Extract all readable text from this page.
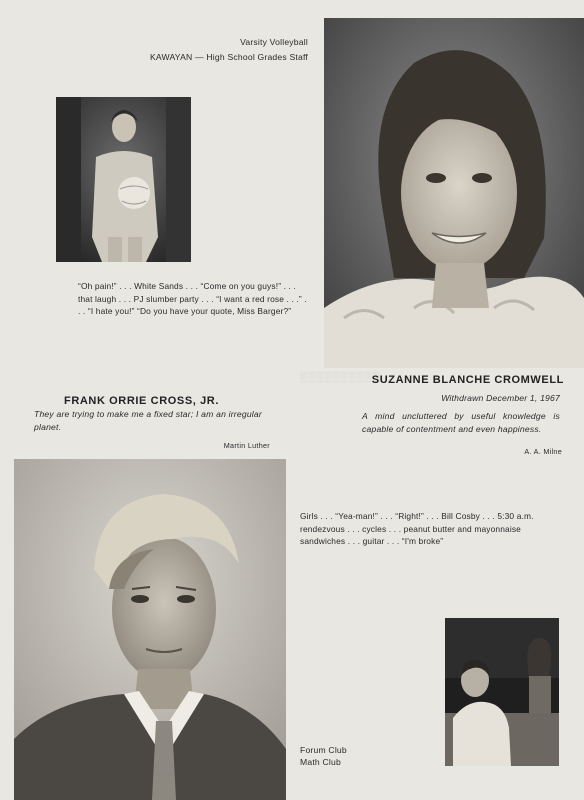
▒▒▒▒▒▒▒▒▒▒
Varsity Volleyball
KAWAYAN — High School Grades Staff
“Oh pain!” . . . White Sands . . . “Come on you guys!” . . . that laugh . . . PJ slumber party . . . “I want a red rose . . .” . . . “I hate you!” “Do you have your quote, Miss Barger?”
SUZANNE BLANCHE CROMWELL
Withdrawn December 1, 1967
A mind uncluttered by useful knowledge is capable of contentment and even happiness.
A. A. Milne
FRANK ORRIE CROSS, JR.
They are trying to make me a fixed star; I am an irregular planet.
Martin Luther
Girls . . . “Yea-man!” . . . “Right!” . . . Bill Cosby . . . 5:30 a.m. rendezvous . . . cycles . . . peanut butter and mayonnaise sandwiches . . . guitar . . . “I'm broke”
Forum Club
Math Club
